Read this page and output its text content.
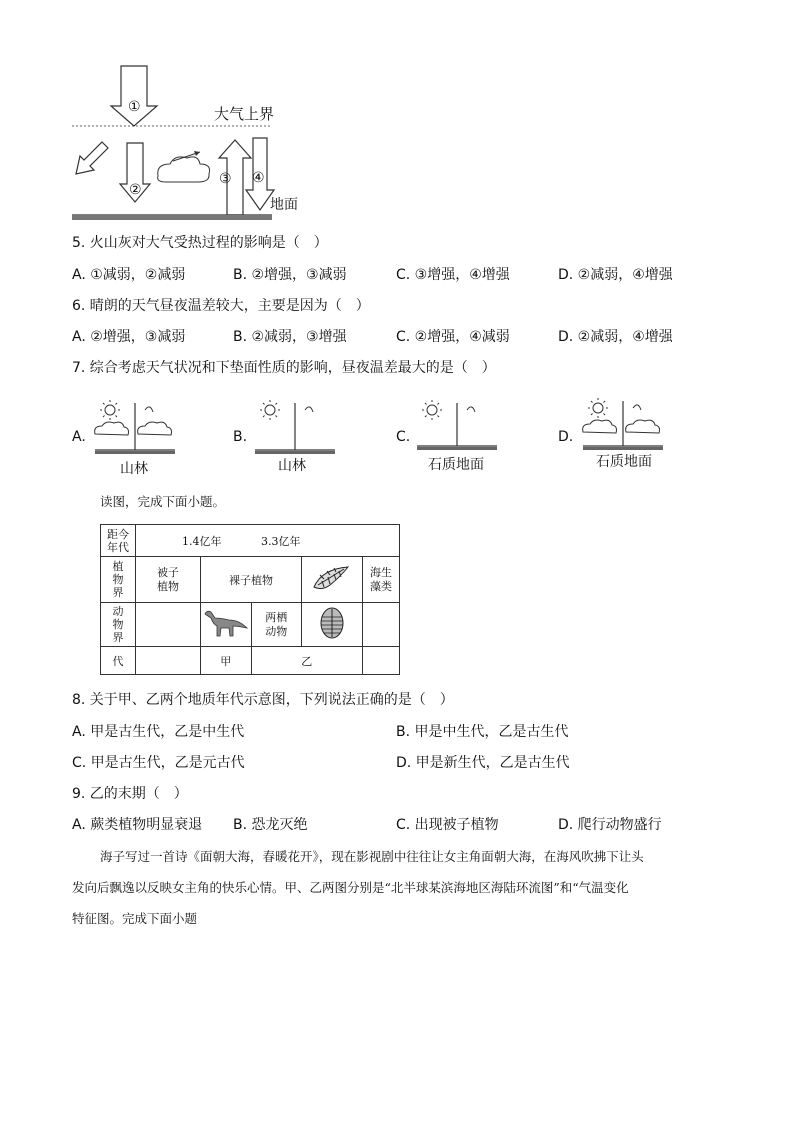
①
②
③ ④
大气上界
地面
5. 火山灰对大气受热过程的影响是（　）
A. ①减弱，②减弱	B. ②增强，③减弱	C. ③增强，④增强	D. ②减弱，④增强
6. 晴朗的天气昼夜温差较大，主要是因为（　）
A. ②增强，③减弱	B. ②减弱，③增强	C. ②增强，④减弱	D. ②减弱，④增强
7. 综合考虑天气状况和下垫面性质的影响，昼夜温差最大的是（　）
A.
山林
B.
山林
C.
石质地面
D.
石质地面
读图，完成下面小题。
距今
年代	1.4亿年 3.3亿年				
植物界	被子植物	裸子植物			海生藻类
动物界			两栖动物		
代		甲	乙		
8. 关于甲、乙两个地质年代示意图，下列说法正确的是（　）
A. 甲是古生代，乙是中生代	B. 甲是中生代，乙是古生代
C. 甲是古生代，乙是元古代	D. 甲是新生代，乙是古生代
9. 乙的末期（　）
A. 蕨类植物明显衰退 B. 恐龙灭绝	C. 出现被子植物	D. 爬行动物盛行
海子写过一首诗《面朝大海，春暖花开》，现在影视剧中往往让女主角面朝大海，在海风吹拂下让头
发向后飘逸以反映女主角的快乐心情。甲、乙两图分别是“北半球某滨海地区海陆环流图”和“气温变化
特征图。完成下面小题
